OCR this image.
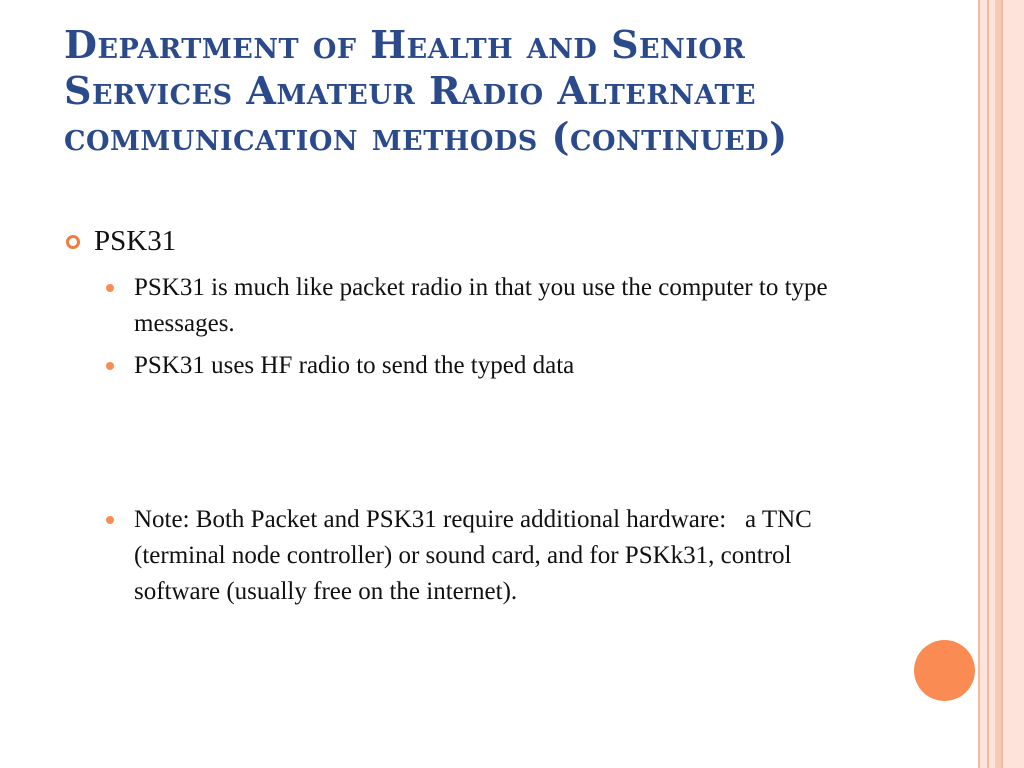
Department of Health and Senior Services Amateur Radio Alternate communication methods (continued)
PSK31
PSK31 is much like packet radio in that you use the computer to type messages.
PSK31 uses HF radio to send the typed data
Note: Both Packet and PSK31 require additional hardware:   a TNC (terminal node controller) or sound card, and for PSKk31, control software (usually free on the internet).
